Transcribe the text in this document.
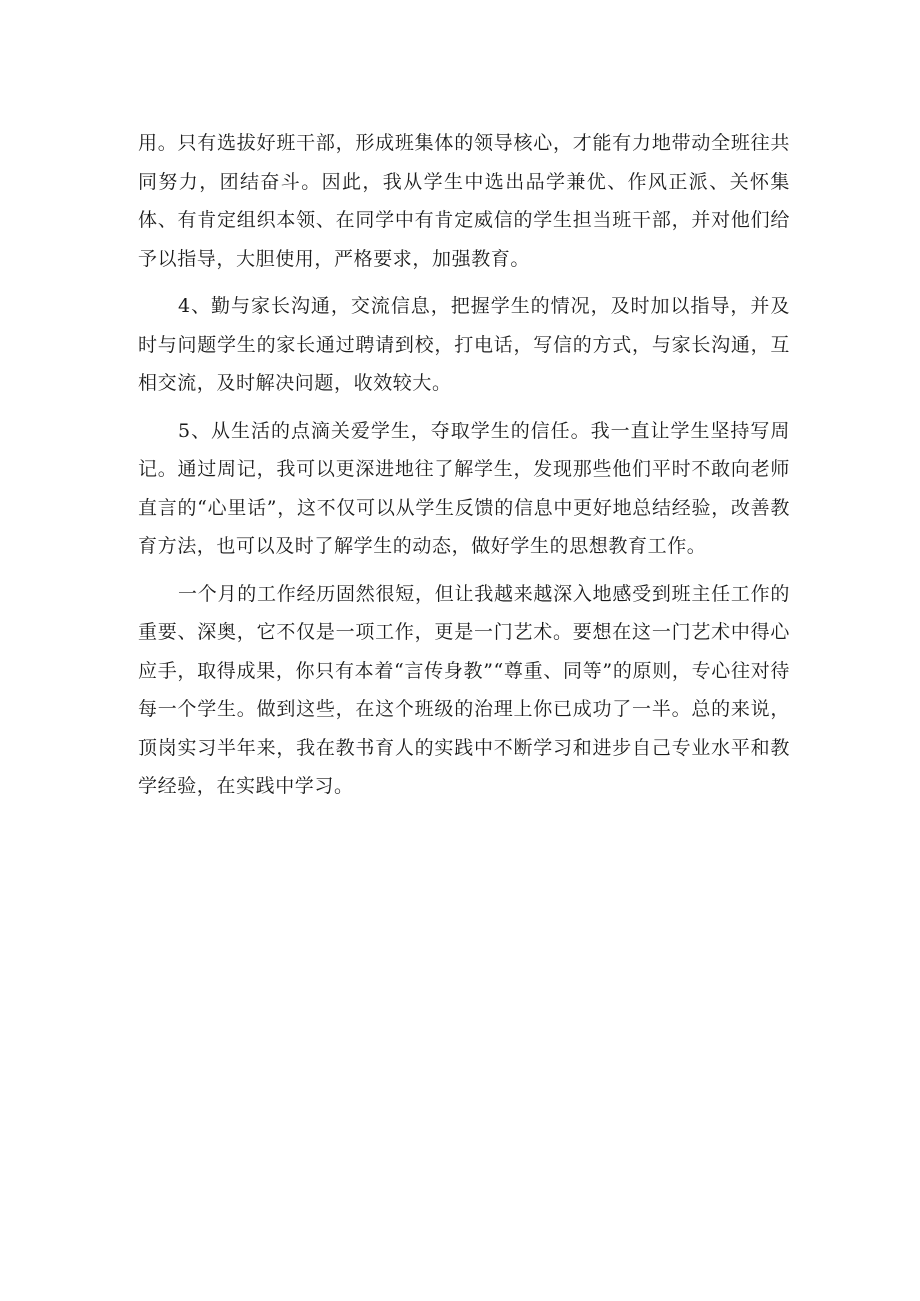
用。只有选拔好班干部，形成班集体的领导核心，才能有力地带动全班往共同努力，团结奋斗。因此，我从学生中选出品学兼优、作风正派、关怀集体、有肯定组织本领、在同学中有肯定威信的学生担当班干部，并对他们给予以指导，大胆使用，严格要求，加强教育。

4、勤与家长沟通，交流信息，把握学生的情况，及时加以指导，并及时与问题学生的家长通过聘请到校，打电话，写信的方式，与家长沟通，互相交流，及时解决问题，收效较大。

5、从生活的点滴关爱学生，夺取学生的信任。我一直让学生坚持写周记。通过周记，我可以更深进地往了解学生，发现那些他们平时不敢向老师直言的“心里话”，这不仅可以从学生反馈的信息中更好地总结经验，改善教育方法，也可以及时了解学生的动态，做好学生的思想教育工作。

一个月的工作经历固然很短，但让我越来越深入地感受到班主任工作的重要、深奥，它不仅是一项工作，更是一门艺术。要想在这一门艺术中得心应手，取得成果，你只有本着“言传身教”“尊重、同等”的原则，专心往对待每一个学生。做到这些，在这个班级的治理上你已成功了一半。总的来说，顶岗实习半年来，我在教书育人的实践中不断学习和进步自己专业水平和教学经验，在实践中学习。
